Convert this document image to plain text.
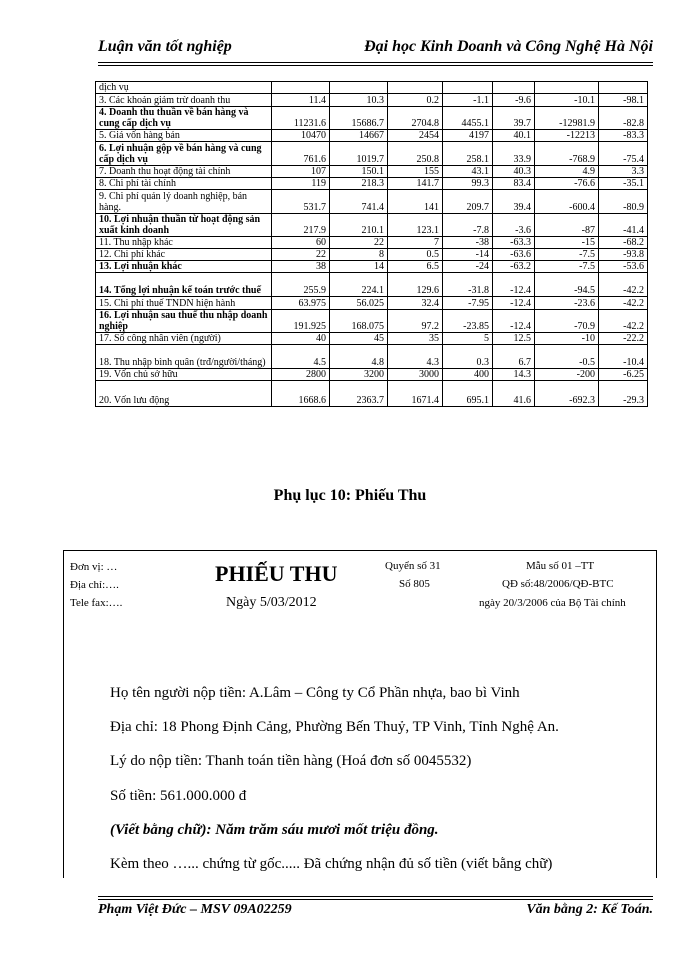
Luận văn tốt nghiệp	Đại học Kinh Doanh và Công Nghệ Hà Nội
dịch vụ							
3. Các khoản giảm trừ doanh thu	11.4	10.3	0.2	-1.1	-9.6	-10.1	-98.1
4. Doanh thu thuần về bán hàng và cung cấp dịch vụ	11231.6	15686.7	2704.8	4455.1	39.7	-12981.9	-82.8
5. Giá vốn hàng bán	10470	14667	2454	4197	40.1	-12213	-83.3
6. Lợi nhuận gộp về bán hàng và cung cấp dịch vụ	761.6	1019.7	250.8	258.1	33.9	-768.9	-75.4
7. Doanh thu hoạt động tài chính	107	150.1	155	43.1	40.3	4.9	3.3
8. Chi phí tài chính	119	218.3	141.7	99.3	83.4	-76.6	-35.1
9. Chi phí quản lý doanh nghiệp, bán hàng.	531.7	741.4	141	209.7	39.4	-600.4	-80.9
10. Lợi nhuận thuần từ hoạt động sản xuất kinh doanh	217.9	210.1	123.1	-7.8	-3.6	-87	-41.4
11. Thu nhập khác	60	22	7	-38	-63.3	-15	-68.2
12. Chi phí khác	22	8	0.5	-14	-63.6	-7.5	-93.8
13. Lợi nhuận khác	38	14	6.5	-24	-63.2	-7.5	-53.6
14. Tổng lợi nhuận kế toán trước thuế	255.9	224.1	129.6	-31.8	-12.4	-94.5	-42.2
15. Chi phí thuế TNDN hiện hành	63.975	56.025	32.4	-7.95	-12.4	-23.6	-42.2
16. Lợi nhuận sau thuế thu nhập doanh nghiệp	191.925	168.075	97.2	-23.85	-12.4	-70.9	-42.2
17. Số công nhân viên (người)	40	45	35	5	12.5	-10	-22.2
18. Thu nhập bình quân (trđ/người/tháng)	4.5	4.8	4.3	0.3	6.7	-0.5	-10.4
19. Vốn chủ sở hữu	2800	3200	3000	400	14.3	-200	-6.25
20. Vốn lưu động	1668.6	2363.7	1671.4	695.1	41.6	-692.3	-29.3
Phụ lục 10: Phiếu Thu
Đơn vị: …
Địa chỉ:….
Tele fax:….
PHIẾU THU
Ngày 5/03/2012
Quyển số 31
Số 805
Mẫu số 01 –TT
QĐ số:48/2006/QĐ-BTC
ngày 20/3/2006 của Bộ Tài chính
Họ tên người nộp tiền: A.Lâm – Công ty Cổ Phần nhựa, bao bì Vinh
Địa chỉ: 18 Phong Định Cảng, Phường Bến Thuỷ, TP Vinh, Tỉnh Nghệ An.
Lý do nộp tiền: Thanh toán tiền hàng (Hoá đơn số 0045532)
Số tiền: 561.000.000 đ
(Viết bằng chữ): Năm trăm sáu mươi mốt triệu đồng.
Kèm theo …... chứng từ gốc..... Đã chứng nhận đủ số tiền (viết bằng chữ)
Phạm Việt Đức – MSV 09A02259	Văn bằng 2: Kế Toán.
